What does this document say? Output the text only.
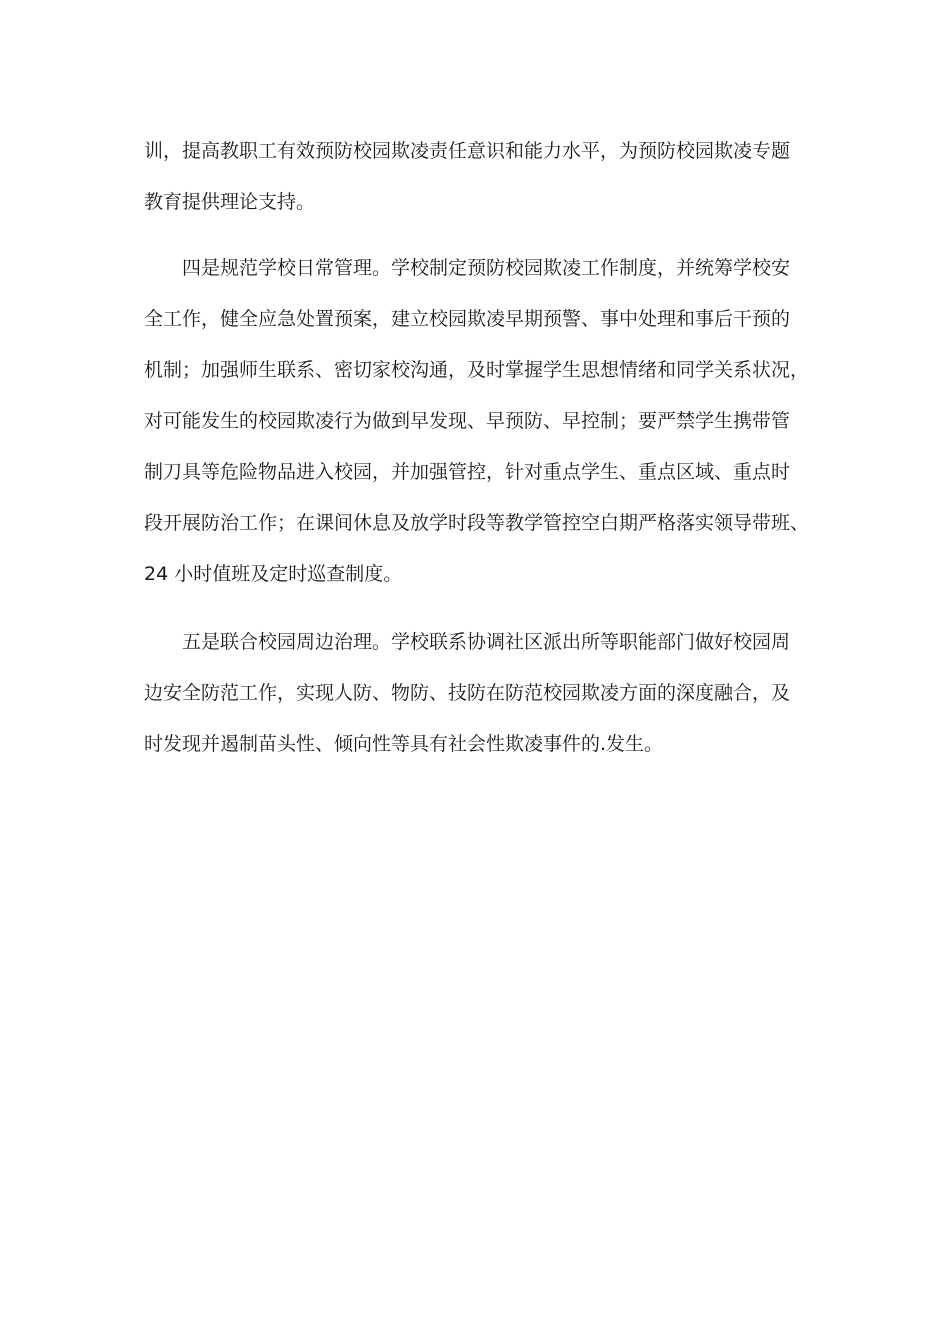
训，提高教职工有效预防校园欺凌责任意识和能力水平，为预防校园欺凌专题
教育提供理论支持。

四是规范学校日常管理。学校制定预防校园欺凌工作制度，并统筹学校安
全工作，健全应急处置预案，建立校园欺凌早期预警、事中处理和事后干预的
机制；加强师生联系、密切家校沟通，及时掌握学生思想情绪和同学关系状况，
对可能发生的校园欺凌行为做到早发现、早预防、早控制；要严禁学生携带管
制刀具等危险物品进入校园，并加强管控，针对重点学生、重点区域、重点时
段开展防治工作；在课间休息及放学时段等教学管控空白期严格落实领导带班、
24 小时值班及定时巡查制度。

五是联合校园周边治理。学校联系协调社区派出所等职能部门做好校园周
边安全防范工作，实现人防、物防、技防在防范校园欺凌方面的深度融合，及
时发现并遏制苗头性、倾向性等具有社会性欺凌事件的.发生。
